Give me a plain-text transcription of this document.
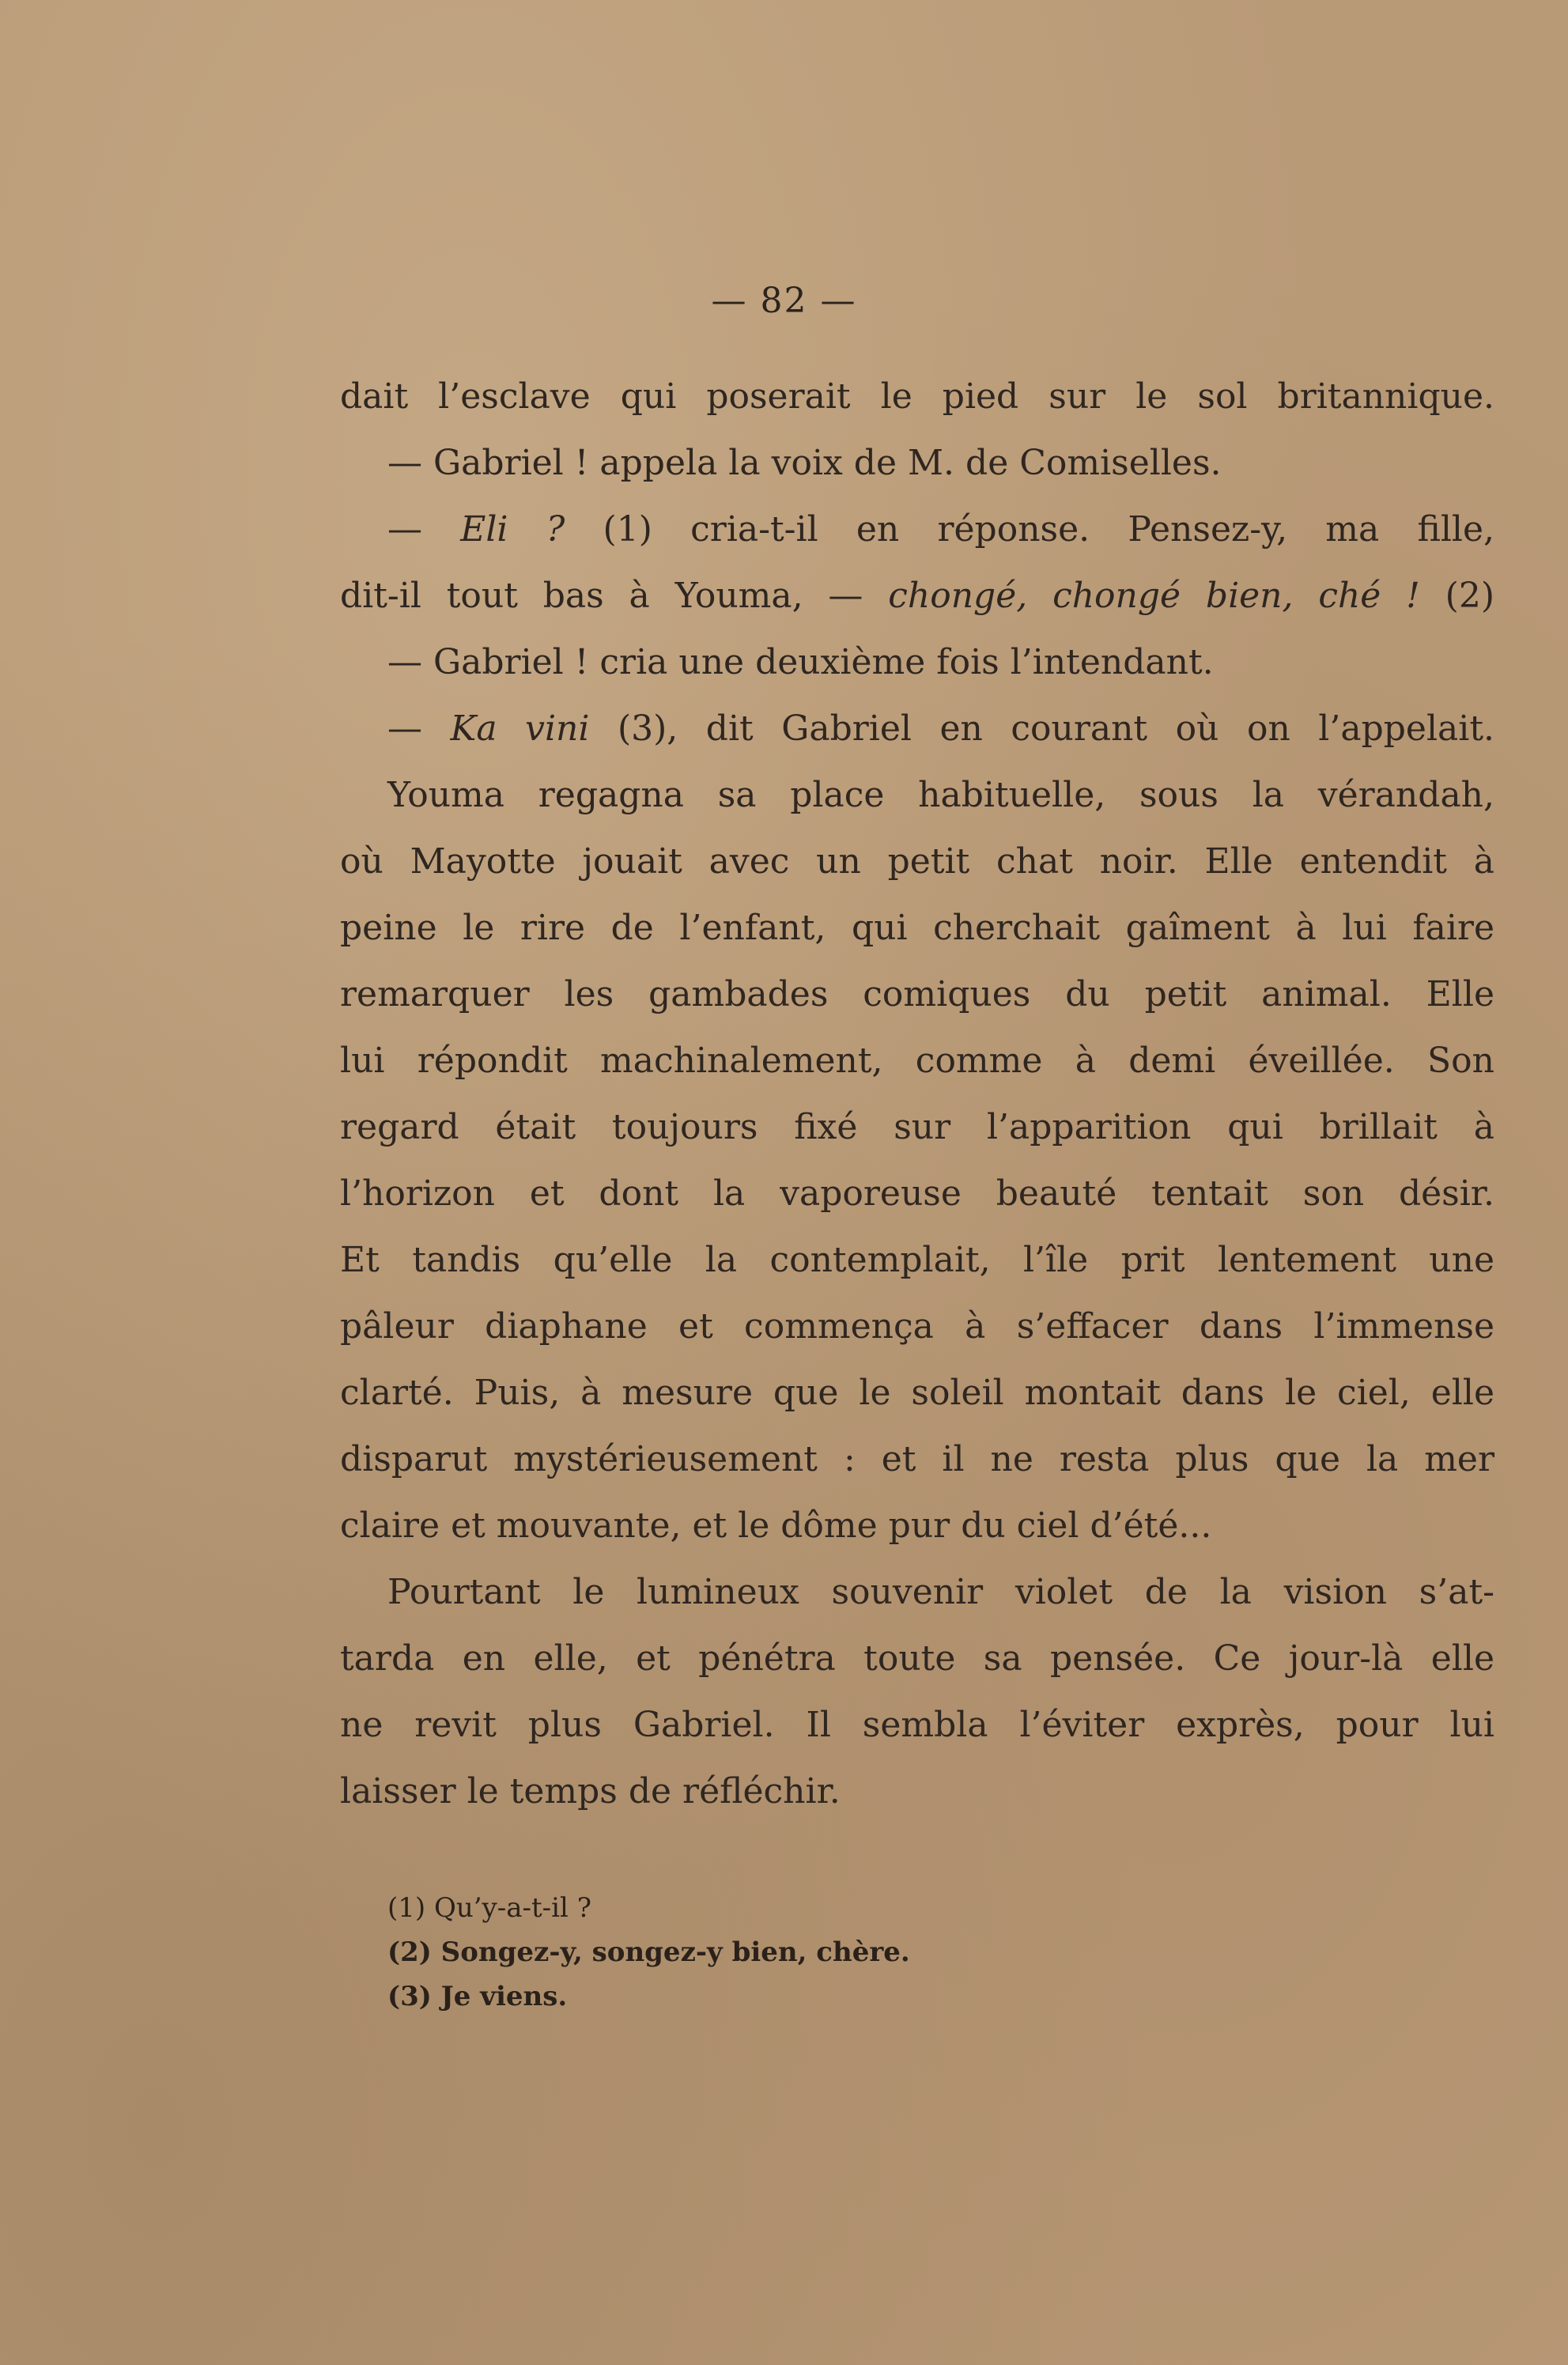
— 82 —
dait l’esclave qui poserait le pied sur le sol britannique.
— Gabriel ! appela la voix de M. de Comiselles.
— Eli ? (1) cria-t-il en réponse. Pensez-y, ma fille,
dit-il tout bas à Youma, — chongé, chongé bien, ché ! (2)
— Gabriel ! cria une deuxième fois l’intendant.
— Ka vini (3), dit Gabriel en courant où on l’appelait.
Youma regagna sa place habituelle, sous la vérandah,
où Mayotte jouait avec un petit chat noir. Elle entendit à
peine le rire de l’enfant, qui cherchait gaîment à lui faire
remarquer les gambades comiques du petit animal. Elle
lui répondit machinalement, comme à demi éveillée. Son
regard était toujours fixé sur l’apparition qui brillait à
l’horizon et dont la vaporeuse beauté tentait son désir.
Et tandis qu’elle la contemplait, l’île prit lentement une
pâleur diaphane et commença à s’effacer dans l’immense
clarté. Puis, à mesure que le soleil montait dans le ciel, elle
disparut mystérieusement : et il ne resta plus que la mer
claire et mouvante, et le dôme pur du ciel d’été...
Pourtant le lumineux souvenir violet de la vision s’at-
tarda en elle, et pénétra toute sa pensée. Ce jour-là elle
ne revit plus Gabriel. Il sembla l’éviter exprès, pour lui
laisser le temps de réfléchir.
(1) Qu’y-a-t-il ?
(2) Songez-y, songez-y bien, chère.
(3) Je viens.
